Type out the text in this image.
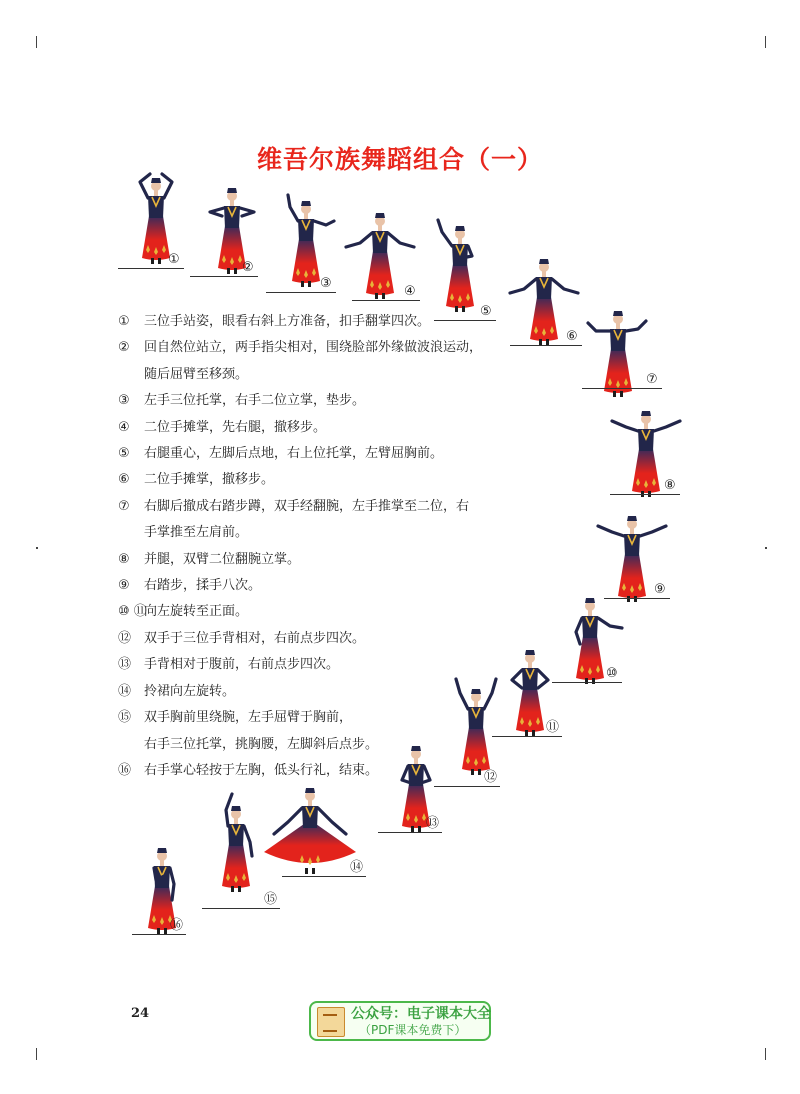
维吾尔族舞蹈组合（一）
①
②
③
④
⑤
⑥
⑦
⑧
⑨
⑩
⑪
⑫
⑬
⑭
⑮
⑯
① 三位手站姿，眼看右斜上方准备，扣手翻掌四次。
② 回自然位站立，两手指尖相对，围绕脸部外缘做波浪运动，
随后屈臂至移颈。
③ 左手三位托掌，右手二位立掌，垫步。
④ 二位手摊掌，先右腿，撤移步。
⑤ 右腿重心，左脚后点地，右上位托掌，左臂屈胸前。
⑥ 二位手摊掌，撤移步。
⑦ 右脚后撤成右踏步蹲，双手经翻腕，左手推掌至二位，右
手掌推至左肩前。
⑧ 并腿，双臂二位翻腕立掌。
⑨ 右踏步，揉手八次。
⑩ ⑪
向左旋转至正面。
⑫ 双手于三位手背相对，右前点步四次。
⑬ 手背相对于腹前，右前点步四次。
⑭ 拎裙向左旋转。
⑮ 双手胸前里绕腕，左手屈臂于胸前，
右手三位托掌，挑胸腰，左脚斜后点步。
⑯ 右手掌心轻按于左胸，低头行礼，结束。
24	公众号：电子课本大全
（PDF课本免费下）
